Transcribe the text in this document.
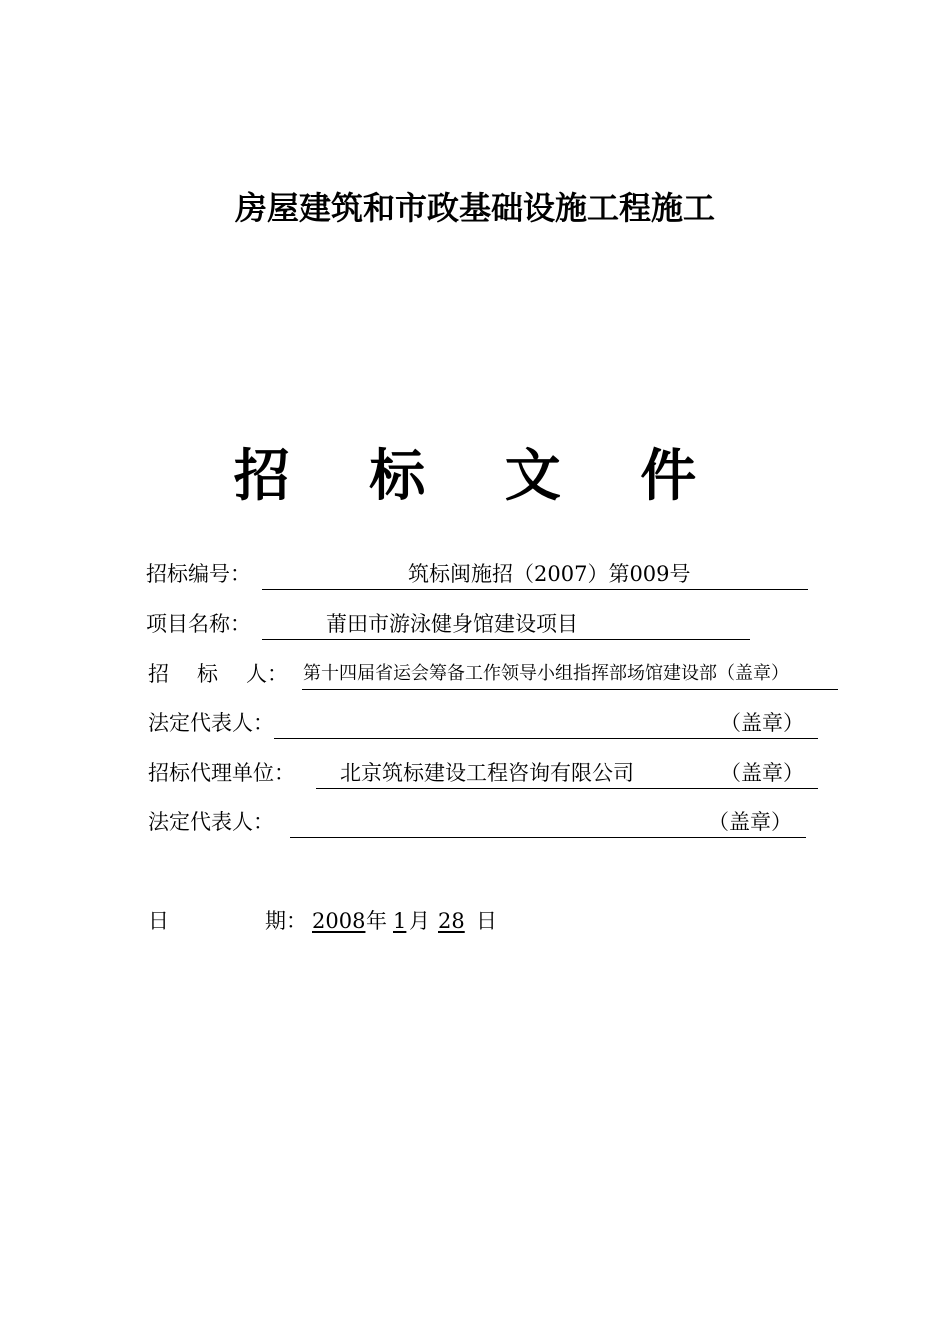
房屋建筑和市政基础设施工程施工
招 标 文 件
招标编号：	筑标闽施招（2007）第009号
项目名称：	莆田市游泳健身馆建设项目
招 标 人： 第十四届省运会筹备工作领导小组指挥部场馆建设部（盖章）
法定代表人：	（盖章）
招标代理单位： 北京筑标建设工程咨询有限公司	（盖章）
法定代表人：	（盖章）
日	期： 2008 年 1 月 28 日
